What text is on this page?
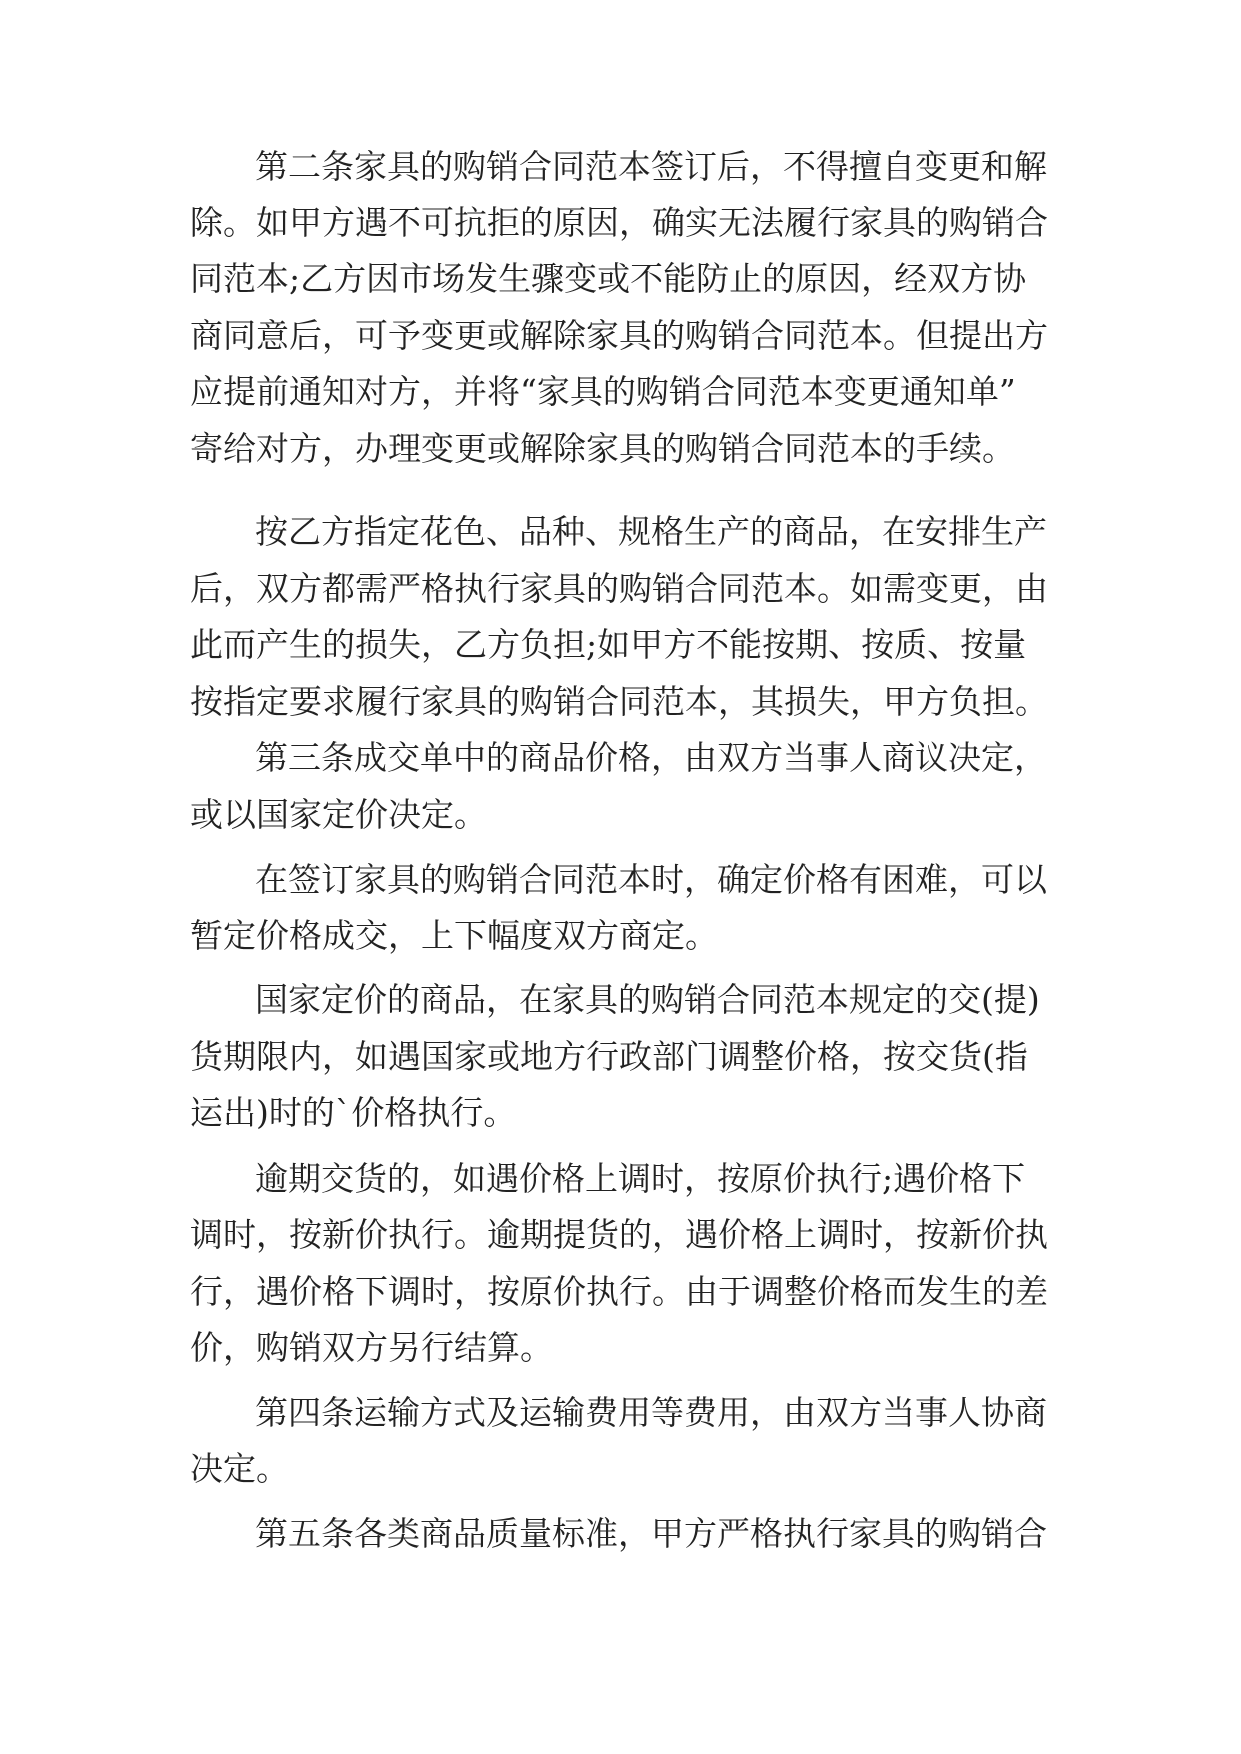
第二条家具的购销合同范本签订后，不得擅自变更和解
除。如甲方遇不可抗拒的原因，确实无法履行家具的购销合
同范本;乙方因市场发生骤变或不能防止的原因，经双方协
商同意后，可予变更或解除家具的购销合同范本。但提出方
应提前通知对方，并将“家具的购销合同范本变更通知单”
寄给对方，办理变更或解除家具的购销合同范本的手续。
按乙方指定花色、品种、规格生产的商品，在安排生产
后，双方都需严格执行家具的购销合同范本。如需变更，由
此而产生的损失，乙方负担;如甲方不能按期、按质、按量
按指定要求履行家具的购销合同范本，其损失，甲方负担。
第三条成交单中的商品价格，由双方当事人商议决定，
或以国家定价决定。
在签订家具的购销合同范本时，确定价格有困难，可以
暂定价格成交，上下幅度双方商定。
国家定价的商品，在家具的购销合同范本规定的交(提)
货期限内，如遇国家或地方行政部门调整价格，按交货(指
运出)时的`价格执行。
逾期交货的，如遇价格上调时，按原价执行;遇价格下
调时，按新价执行。逾期提货的，遇价格上调时，按新价执
行，遇价格下调时，按原价执行。由于调整价格而发生的差
价，购销双方另行结算。
第四条运输方式及运输费用等费用，由双方当事人协商
决定。
第五条各类商品质量标准，甲方严格执行家具的购销合
